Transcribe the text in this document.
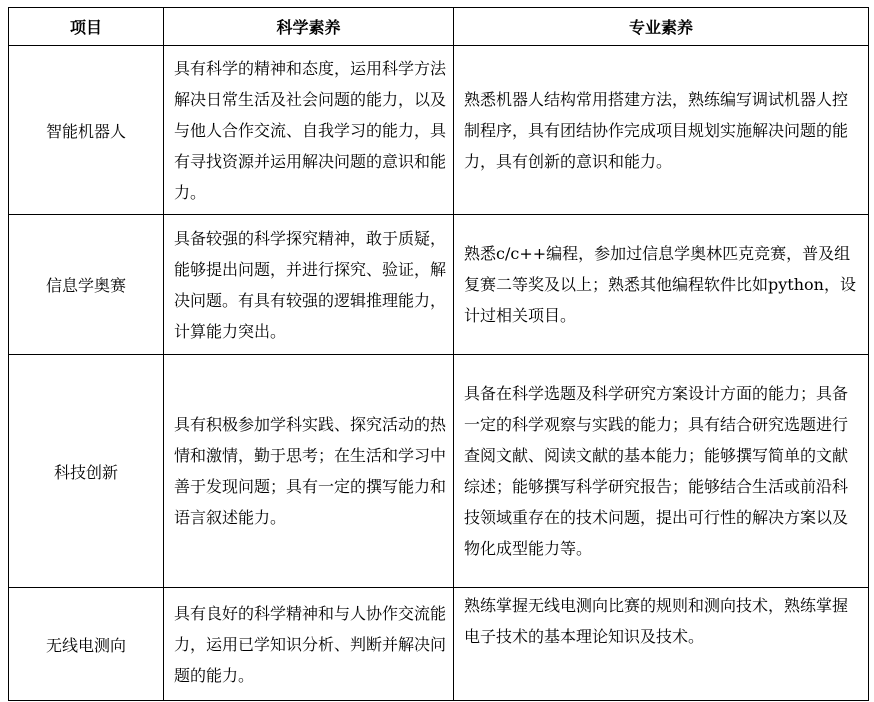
项目	科学素养	专业素养
智能机器人	具有科学的精神和态度，运用科学方法解决日常生活及社会问题的能力，以及与他人合作交流、自我学习的能力，具有寻找资源并运用解决问题的意识和能力。	熟悉机器人结构常用搭建方法，熟练编写调试机器人控制程序，具有团结协作完成项目规划实施解决问题的能力，具有创新的意识和能力。
信息学奥赛	具备较强的科学探究精神，敢于质疑，能够提出问题，并进行探究、验证，解决问题。有具有较强的逻辑推理能力，计算能力突出。	熟悉c/c++编程，参加过信息学奥林匹克竞赛，普及组复赛二等奖及以上；熟悉其他编程软件比如python，设计过相关项目。
科技创新	具有积极参加学科实践、探究活动的热情和激情，勤于思考；在生活和学习中善于发现问题；具有一定的撰写能力和语言叙述能力。	具备在科学选题及科学研究方案设计方面的能力；具备一定的科学观察与实践的能力；具有结合研究选题进行查阅文献、阅读文献的基本能力；能够撰写简单的文献综述；能够撰写科学研究报告；能够结合生活或前沿科技领域重存在的技术问题，提出可行性的解决方案以及物化成型能力等。
无线电测向	具有良好的科学精神和与人协作交流能力，运用已学知识分析、判断并解决问题的能力。	熟练掌握无线电测向比赛的规则和测向技术，熟练掌握电子技术的基本理论知识及技术。
